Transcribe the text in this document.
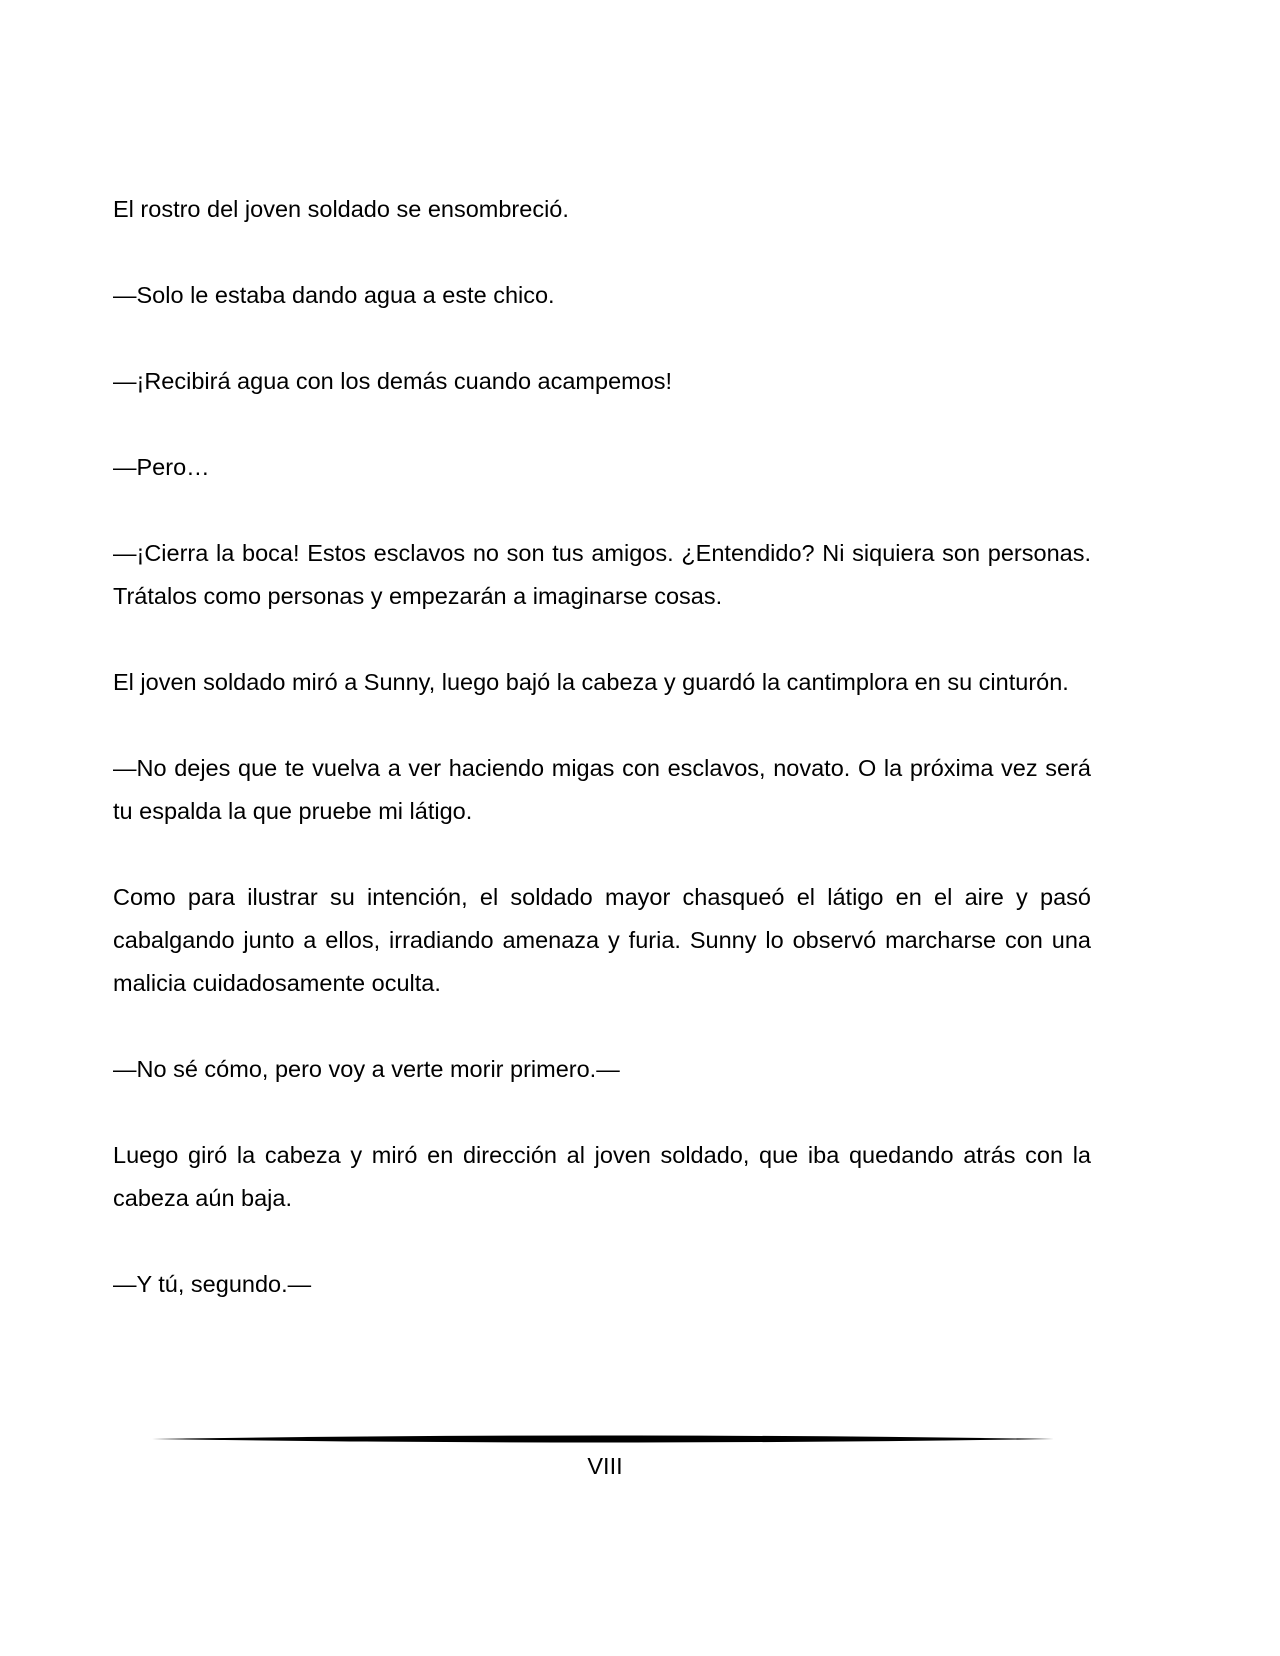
El rostro del joven soldado se ensombreció.

—Solo le estaba dando agua a este chico.

—¡Recibirá agua con los demás cuando acampemos!

—Pero…

—¡Cierra la boca! Estos esclavos no son tus amigos. ¿Entendido? Ni siquiera son personas. Trátalos como personas y empezarán a imaginarse cosas.

El joven soldado miró a Sunny, luego bajó la cabeza y guardó la cantimplora en su cinturón.

—No dejes que te vuelva a ver haciendo migas con esclavos, novato. O la próxima vez será tu espalda la que pruebe mi látigo.

Como para ilustrar su intención, el soldado mayor chasqueó el látigo en el aire y pasó cabalgando junto a ellos, irradiando amenaza y furia. Sunny lo observó marcharse con una malicia cuidadosamente oculta.

—No sé cómo, pero voy a verte morir primero.—

Luego giró la cabeza y miró en dirección al joven soldado, que iba quedando atrás con la cabeza aún baja.

—Y tú, segundo.—

VIII
